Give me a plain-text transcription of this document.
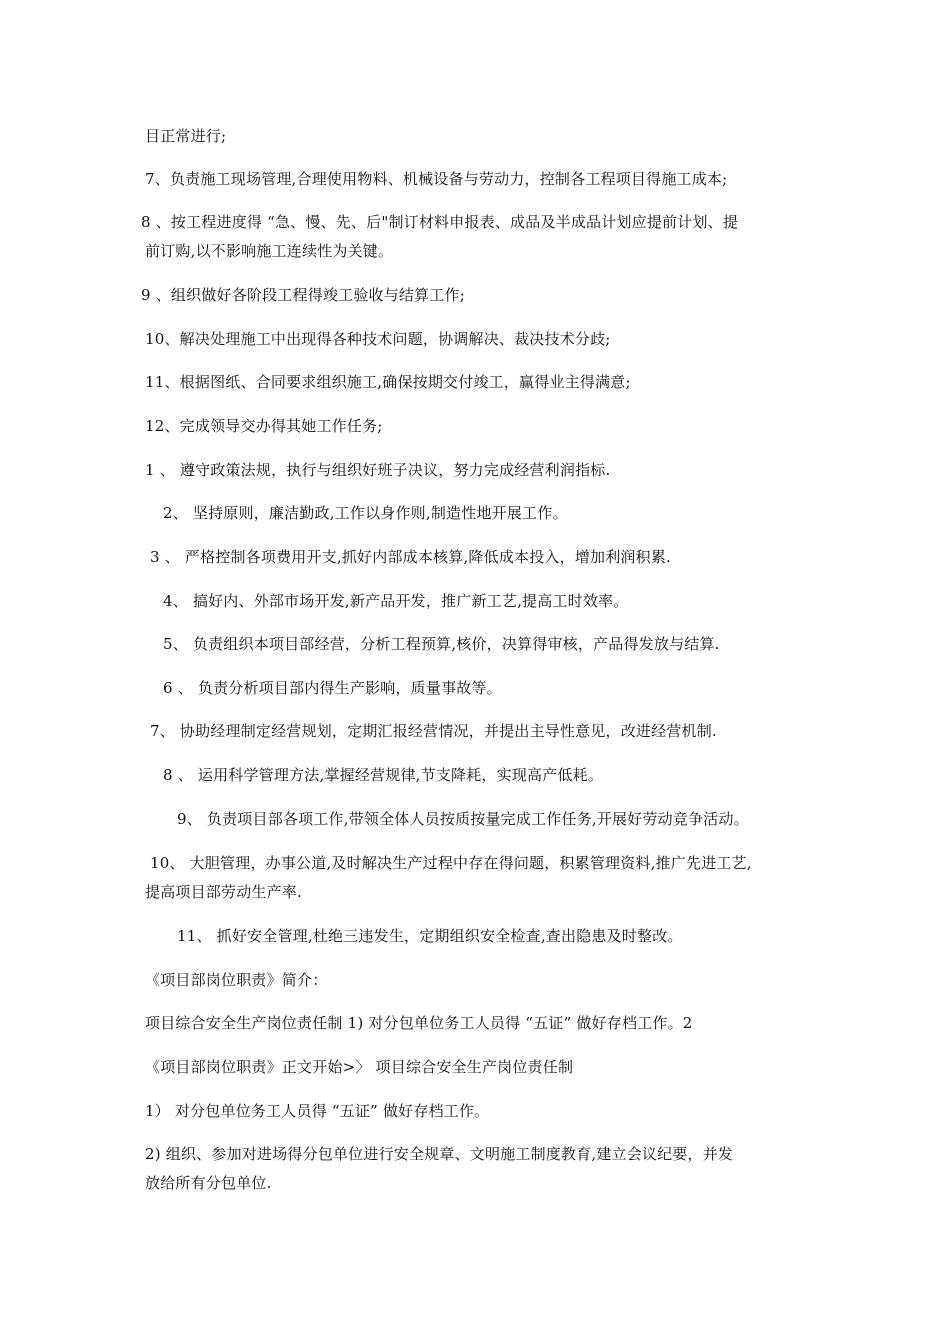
目正常进行;
7、负责施工现场管理,合理使用物料、机械设备与劳动力，控制各工程项目得施工成本;
8 、按工程进度得 “急、慢、先、后"制订材料申报表、成品及半成品计划应提前计划、提
前订购,以不影响施工连续性为关键。
9 、组织做好各阶段工程得竣工验收与结算工作;
10、解决处理施工中出现得各种技术问题，协调解决、裁决技术分歧;
11、根据图纸、合同要求组织施工,确保按期交付竣工，赢得业主得满意;
12、完成领导交办得其她工作任务;
1 、 遵守政策法规，执行与组织好班子决议，努力完成经营利润指标.
2、 坚持原则，廉洁勤政,工作以身作则,制造性地开展工作。
3 、 严格控制各项费用开支,抓好内部成本核算,降低成本投入，增加利润积累.
4、 搞好内、外部市场开发,新产品开发，推广新工艺,提高工时效率。
5、 负责组织本项目部经营，分析工程预算,核价，决算得审核，产品得发放与结算.
6 、 负责分析项目部内得生产影响，质量事故等。
7、 协助经理制定经营规划，定期汇报经营情况，并提出主导性意见，改进经营机制.
8 、 运用科学管理方法,掌握经营规律,节支降耗，实现高产低耗。
9、 负责项目部各项工作,带领全体人员按质按量完成工作任务,开展好劳动竞争活动。
10、 大胆管理，办事公道,及时解决生产过程中存在得问题，积累管理资料,推广先进工艺,
提高项目部劳动生产率.
11、 抓好安全管理,杜绝三违发生，定期组织安全检查,查出隐患及时整改。
《项目部岗位职责》简介：
项目综合安全生产岗位责任制 1) 对分包单位务工人员得 “五证” 做好存档工作。2
《项目部岗位职责》正文开始>〉 项目综合安全生产岗位责任制
1） 对分包单位务工人员得 “五证” 做好存档工作。
2) 组织、参加对进场得分包单位进行安全规章、文明施工制度教育,建立会议纪要，并发
放给所有分包单位.
